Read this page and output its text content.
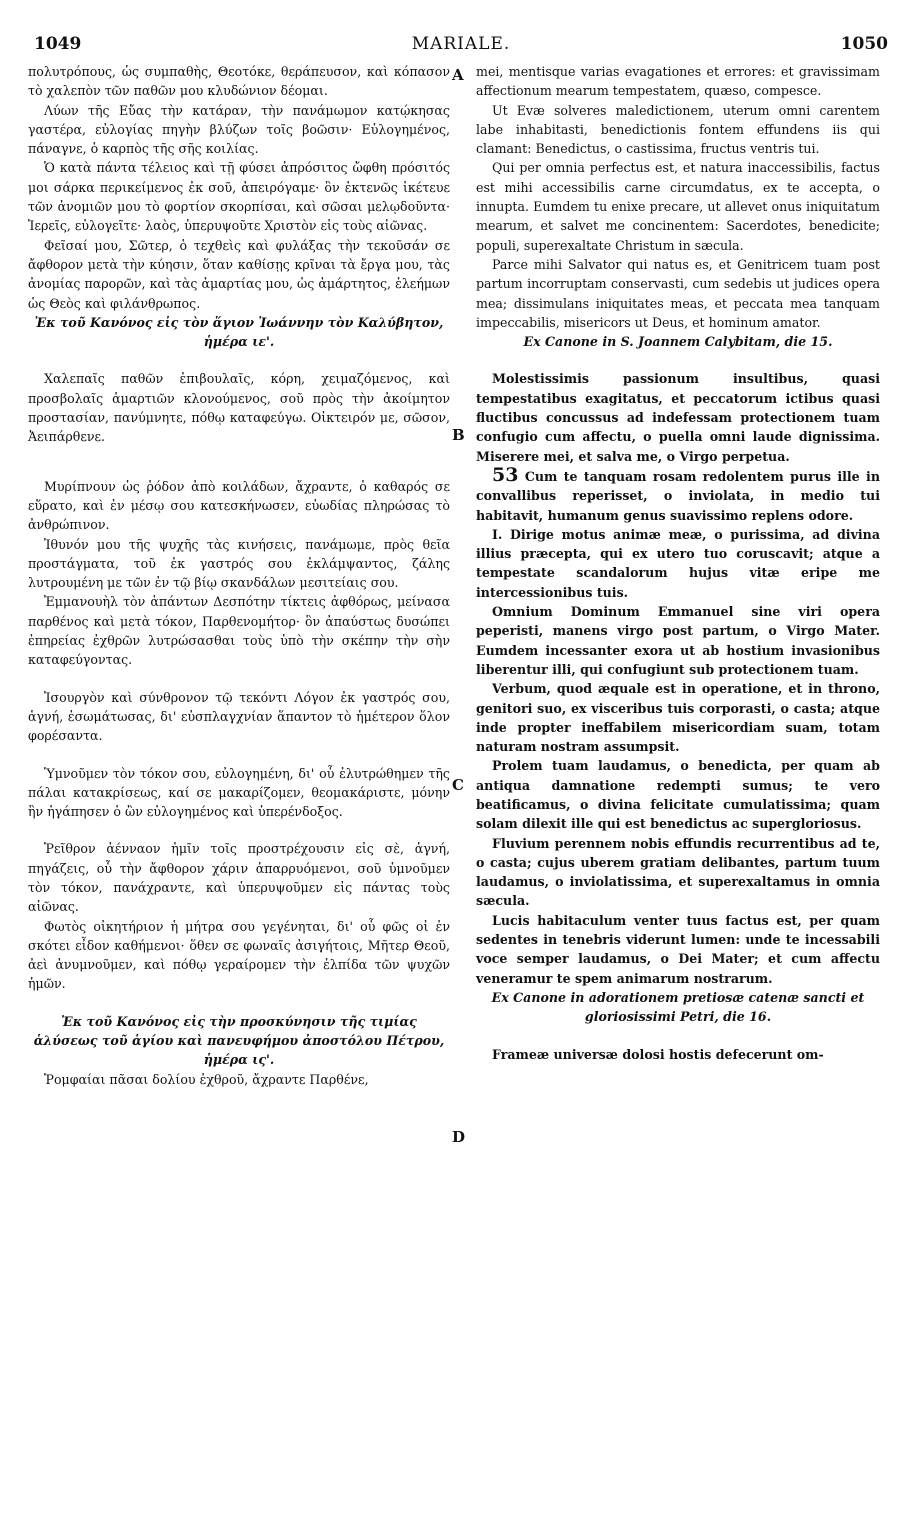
1049	MARIALE.	1050
A
B
C
D

πολυτρόπους, ὡς συμπαθὴς, Θεοτόκε, θεράπευσον, καὶ κόπασον τὸ χαλεπὸν τῶν παθῶν μου κλυδώνιον δέομαι.

Λύων τῆς Εὔας τὴν κατάραν, τὴν πανάμωμον κατῴκησας γαστέρα, εὐλογίας πηγὴν βλύζων τοῖς βοῶσιν· Εὐλογημένος, πάναγνε, ὁ καρπὸς τῆς σῆς κοιλίας.

Ὁ κατὰ πάντα τέλειος καὶ τῇ φύσει ἀπρόσιτος ὤφθη πρόσιτός μοι σάρκα περικείμενος ἐκ σοῦ, ἀπειρόγαμε· ὃν ἐκτενῶς ἱκέτευε τῶν ἀνομιῶν μου τὸ φορτίον σκορπίσαι, καὶ σῶσαι μελῳδοῦντα· Ἱερεῖς, εὐλογεῖτε· λαὸς, ὑπερυψοῦτε Χριστὸν εἰς τοὺς αἰῶνας.

Φεῖσαί μου, Σῶτερ, ὁ τεχθεὶς καὶ φυλάξας τὴν τεκοῦσάν σε ἄφθορον μετὰ τὴν κύησιν, ὅταν καθίσῃς κρῖναι τὰ ἔργα μου, τὰς ἀνομίας παρορῶν, καὶ τὰς ἁμαρτίας μου, ὡς ἀμάρτητος, ἐλεήμων ὡς Θεὸς καὶ φιλάνθρωπος.

Ἐκ τοῦ Κανόνος εἰς τὸν ἅγιον Ἰωάννην τὸν Καλύβητον, ἡμέρα ιε'.

Χαλεπαῖς παθῶν ἐπιβουλαῖς, κόρη, χειμαζόμενος, καὶ προσβολαῖς ἁμαρτιῶν κλονούμενος, σοῦ πρὸς τὴν ἀκοίμητον προστασίαν, πανύμνητε, πόθῳ καταφεύγω. Οἰκτειρόν με, σῶσον, Ἀειπάρθενε.

Μυρίπνουν ὡς ῥόδον ἀπὸ κοιλάδων, ἄχραντε, ὁ καθαρός σε εὕρατο, καὶ ἐν μέσῳ σου κατεσκήνωσεν, εὐωδίας πληρώσας τὸ ἀνθρώπινον.

Ἰθυνόν μου τῆς ψυχῆς τὰς κινήσεις, πανάμωμε, πρὸς θεῖα προστάγματα, τοῦ ἐκ γαστρός σου ἐκλάμψαντος, ζάλης λυτρουμένη με τῶν ἐν τῷ βίῳ σκανδάλων μεσιτείαις σου.

Ἐμμανουὴλ τὸν ἁπάντων Δεσπότην τίκτεις ἀφθόρως, μείνασα παρθένος καὶ μετὰ τόκον, Παρθενομήτορ· ὃν ἀπαύστως δυσώπει ἐπηρείας ἐχθρῶν λυτρώσασθαι τοὺς ὑπὸ τὴν σκέπην τὴν σὴν καταφεύγοντας.

Ἰσουργὸν καὶ σύνθρονον τῷ τεκόντι Λόγον ἐκ γαστρός σου, ἁγνή, ἐσωμάτωσας, δι' εὐσπλαγχνίαν ἅπαντον τὸ ἡμέτερον ὅλον φορέσαντα.

Ὑμνοῦμεν τὸν τόκον σου, εὐλογημένη, δι' οὗ ἐλυτρώθημεν τῆς πάλαι κατακρίσεως, καί σε μακαρίζομεν, θεομακάριστε, μόνην ἣν ἠγάπησεν ὁ ὢν εὐλογημένος καὶ ὑπερένδοξος.

Ῥεῖθρον ἀένναον ἡμῖν τοῖς προστρέχουσιν εἰς σὲ, ἁγνή, πηγάζεις, οὗ τὴν ἄφθορον χάριν ἀπαρρυόμενοι, σοῦ ὑμνοῦμεν τὸν τόκον, πανάχραντε, καὶ ὑπερυψοῦμεν εἰς πάντας τοὺς αἰῶνας.

Φωτὸς οἰκητήριον ἡ μήτρα σου γεγένηται, δι' οὗ φῶς οἱ ἐν σκότει εἶδον καθήμενοι· ὅθεν σε φωναῖς ἀσιγήτοις, Μῆτερ Θεοῦ, ἀεὶ ἀνυμνοῦμεν, καὶ πόθῳ γεραίρομεν τὴν ἐλπίδα τῶν ψυχῶν ἡμῶν.

Ἐκ τοῦ Κανόνος εἰς τὴν προσκύνησιν τῆς τιμίας ἁλύσεως τοῦ ἁγίου καὶ πανευφήμου ἀποστόλου Πέτρου, ἡμέρα ις'.

Ῥομφαίαι πᾶσαι δολίου ἐχθροῦ, ἄχραντε Παρθένε,

mei, mentisque varias evagationes et errores: et gravissimam affectionum mearum tempestatem, quæso, compesce.

Ut Evæ solveres maledictionem, uterum omni carentem labe inhabitasti, benedictionis fontem effundens iis qui clamant: Benedictus, o castissima, fructus ventris tui.

Qui per omnia perfectus est, et natura inaccessibilis, factus est mihi accessibilis carne circumdatus, ex te accepta, o innupta. Eumdem tu enixe precare, ut allevet onus iniquitatum mearum, et salvet me concinentem: Sacerdotes, benedicite; populi, superexaltate Christum in sæcula.

Parce mihi Salvator qui natus es, et Genitricem tuam post partum incorruptam conservasti, cum sedebis ut judices opera mea; dissimulans iniquitates meas, et peccata mea tanquam impeccabilis, misericors ut Deus, et hominum amator.

Ex Canone in S. Joannem Calybitam, die 15.

Molestissimis passionum insultibus, quasi tempestatibus exagitatus, et peccatorum ictibus quasi fluctibus concussus ad indefessam protectionem tuam confugio cum affectu, o puella omni laude dignissima. Miserere mei, et salva me, o Virgo perpetua.

53 Cum te tanquam rosam redolentem purus ille in convallibus reperisset, o inviolata, in medio tui habitavit, humanum genus suavissimo replens odore.

I. Dirige motus animæ meæ, o purissima, ad divina illius præcepta, qui ex utero tuo coruscavit; atque a tempestate scandalorum hujus vitæ eripe me intercessionibus tuis.

Omnium Dominum Emmanuel sine viri opera peperisti, manens virgo post partum, o Virgo Mater. Eumdem incessanter exora ut ab hostium invasionibus liberentur illi, qui confugiunt sub protectionem tuam.

Verbum, quod æquale est in operatione, et in throno, genitori suo, ex visceribus tuis corporasti, o casta; atque inde propter ineffabilem misericordiam suam, totam naturam nostram assumpsit.

Prolem tuam laudamus, o benedicta, per quam ab antiqua damnatione redempti sumus; te vero beatificamus, o divina felicitate cumulatissima; quam solam dilexit ille qui est benedictus ac supergloriosus.

Fluvium perennem nobis effundis recurrentibus ad te, o casta; cujus uberem gratiam delibantes, partum tuum laudamus, o inviolatissima, et superexaltamus in omnia sæcula.

Lucis habitaculum venter tuus factus est, per quam sedentes in tenebris viderunt lumen: unde te incessabili voce semper laudamus, o Dei Mater; et cum affectu veneramur te spem animarum nostrarum.

Ex Canone in adorationem pretiosæ catenæ sancti et gloriosissimi Petri, die 16.

Frameæ universæ dolosi hostis defecerunt om-
